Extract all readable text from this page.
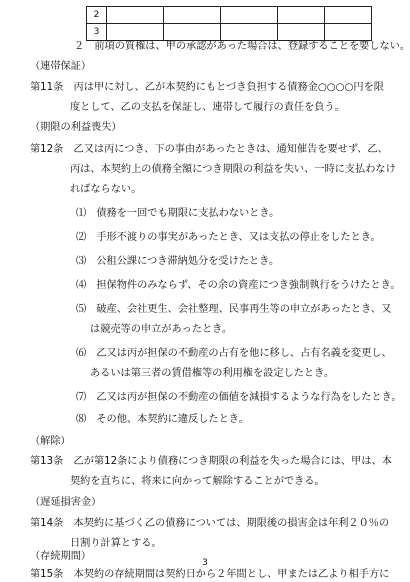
2					
3					
２　前項の質権は、甲の承認があった場合は、登録することを要しない。
（連帯保証）
第11条　丙は甲に対し、乙が本契約にもとづき負担する債務金○○○○円を限
度として、乙の支払を保証し、連帯して履行の責任を負う。
（期限の利益喪失）
第12条　乙又は丙につき、下の事由があったときは、通知催告を要せず、乙、
丙は、本契約上の債務全額につき期限の利益を失い、一時に支払わなけ
ればならない。
⑴　債務を一回でも期限に支払わないとき。
⑵　手形不渡りの事実があったとき、又は支払の停止をしたとき。
⑶　公租公課につき滞納処分を受けたとき。
⑷　担保物件のみならず、その余の資産につき強制執行をうけたとき。
⑸　破産、会社更生、会社整理、民事再生等の申立があったとき、又
は競売等の申立があったとき。
⑹　乙又は丙が担保の不動産の占有を他に移し、占有名義を変更し、
あるいは第三者の賃借権等の利用権を設定したとき。
⑺　乙又は丙が担保の不動産の価値を減損するような行為をしたとき。
⑻　その他、本契約に違反したとき。
（解除）
第13条　乙が第12条により債務につき期限の利益を失った場合には、甲は、本
契約を直ちに、将来に向かって解除することができる。
（遅延損害金）
第14条　本契約に基づく乙の債務については、期限後の損害金は年利２０％の
日割り計算とする。
（存続期間）
第15条　本契約の存続期間は契約日から２年間とし、甲または乙より相手方に
3
